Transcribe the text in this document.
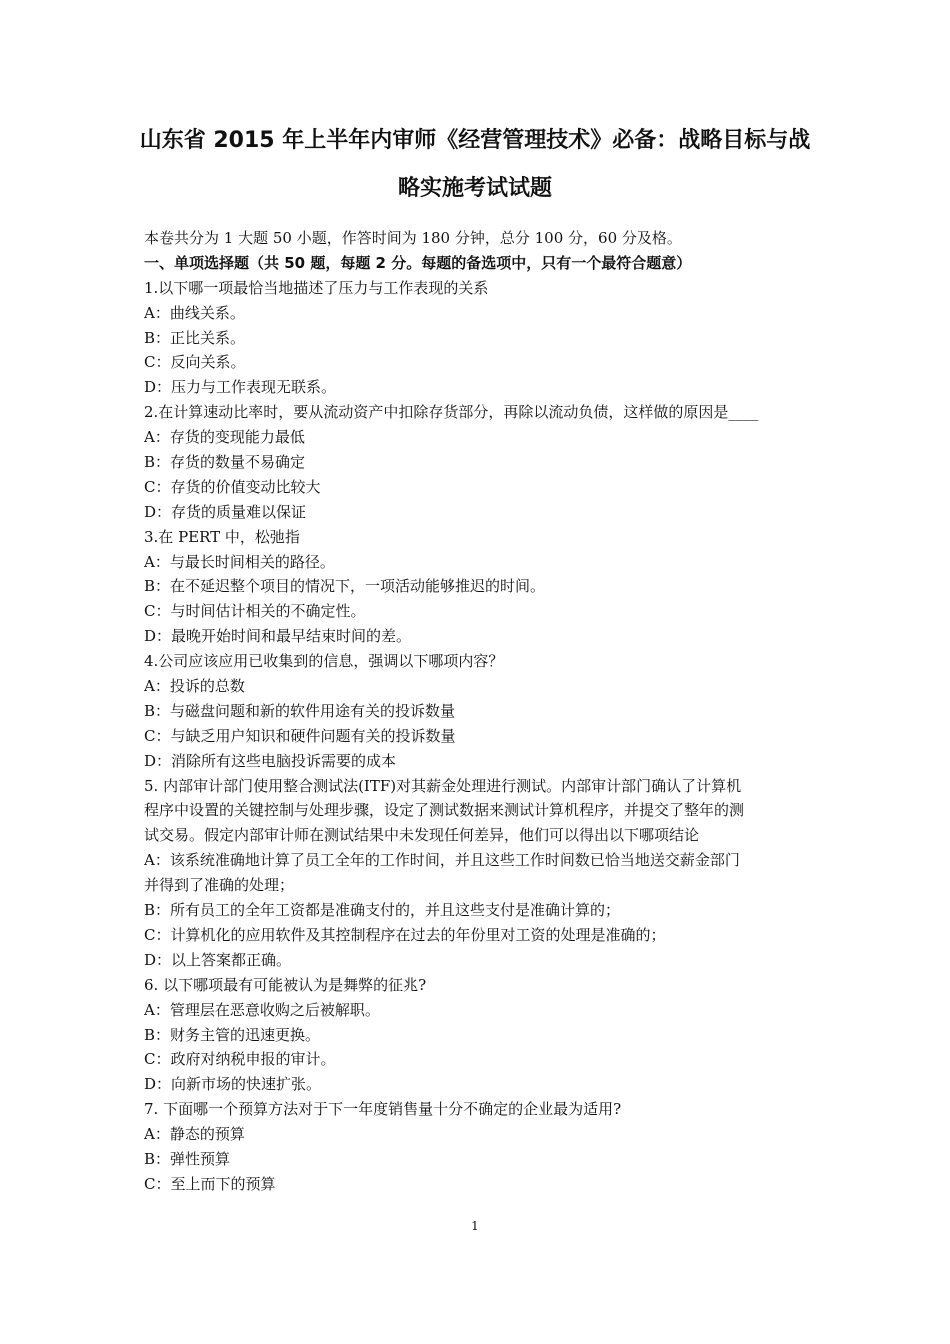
山东省 2015 年上半年内审师《经营管理技术》必备：战略目标与战
略实施考试试题
本卷共分为 1 大题 50 小题，作答时间为 180 分钟，总分 100 分，60 分及格。
一、单项选择题（共 50 题，每题 2 分。每题的备选项中，只有一个最符合题意）
1.以下哪一项最恰当地描述了压力与工作表现的关系
A：曲线关系。
B：正比关系。
C：反向关系。
D：压力与工作表现无联系。
2.在计算速动比率时，要从流动资产中扣除存货部分，再除以流动负债，这样做的原因是____
A：存货的变现能力最低
B：存货的数量不易确定
C：存货的价值变动比较大
D：存货的质量难以保证
3.在 PERT 中，松弛指
A：与最长时间相关的路径。
B：在不延迟整个项目的情况下，一项活动能够推迟的时间。
C：与时间估计相关的不确定性。
D：最晚开始时间和最早结束时间的差。
4.公司应该应用已收集到的信息，强调以下哪项内容？
A：投诉的总数
B：与磁盘问题和新的软件用途有关的投诉数量
C：与缺乏用户知识和硬件问题有关的投诉数量
D：消除所有这些电脑投诉需要的成本
5. 内部审计部门使用整合测试法(ITF)对其薪金处理进行测试。内部审计部门确认了计算机
程序中设置的关键控制与处理步骤，设定了测试数据来测试计算机程序，并提交了整年的测
试交易。假定内部审计师在测试结果中未发现任何差异，他们可以得出以下哪项结论
A：该系统准确地计算了员工全年的工作时间，并且这些工作时间数已恰当地送交薪金部门
并得到了准确的处理；
B：所有员工的全年工资都是准确支付的，并且这些支付是准确计算的；
C：计算机化的应用软件及其控制程序在过去的年份里对工资的处理是准确的；
D：以上答案都正确。
6. 以下哪项最有可能被认为是舞弊的征兆?
A：管理层在恶意收购之后被解职。
B：财务主管的迅速更换。
C：政府对纳税申报的审计。
D：向新市场的快速扩张。
7. 下面哪一个预算方法对于下一年度销售量十分不确定的企业最为适用?
A：静态的预算
B：弹性预算
C：至上而下的预算
1
